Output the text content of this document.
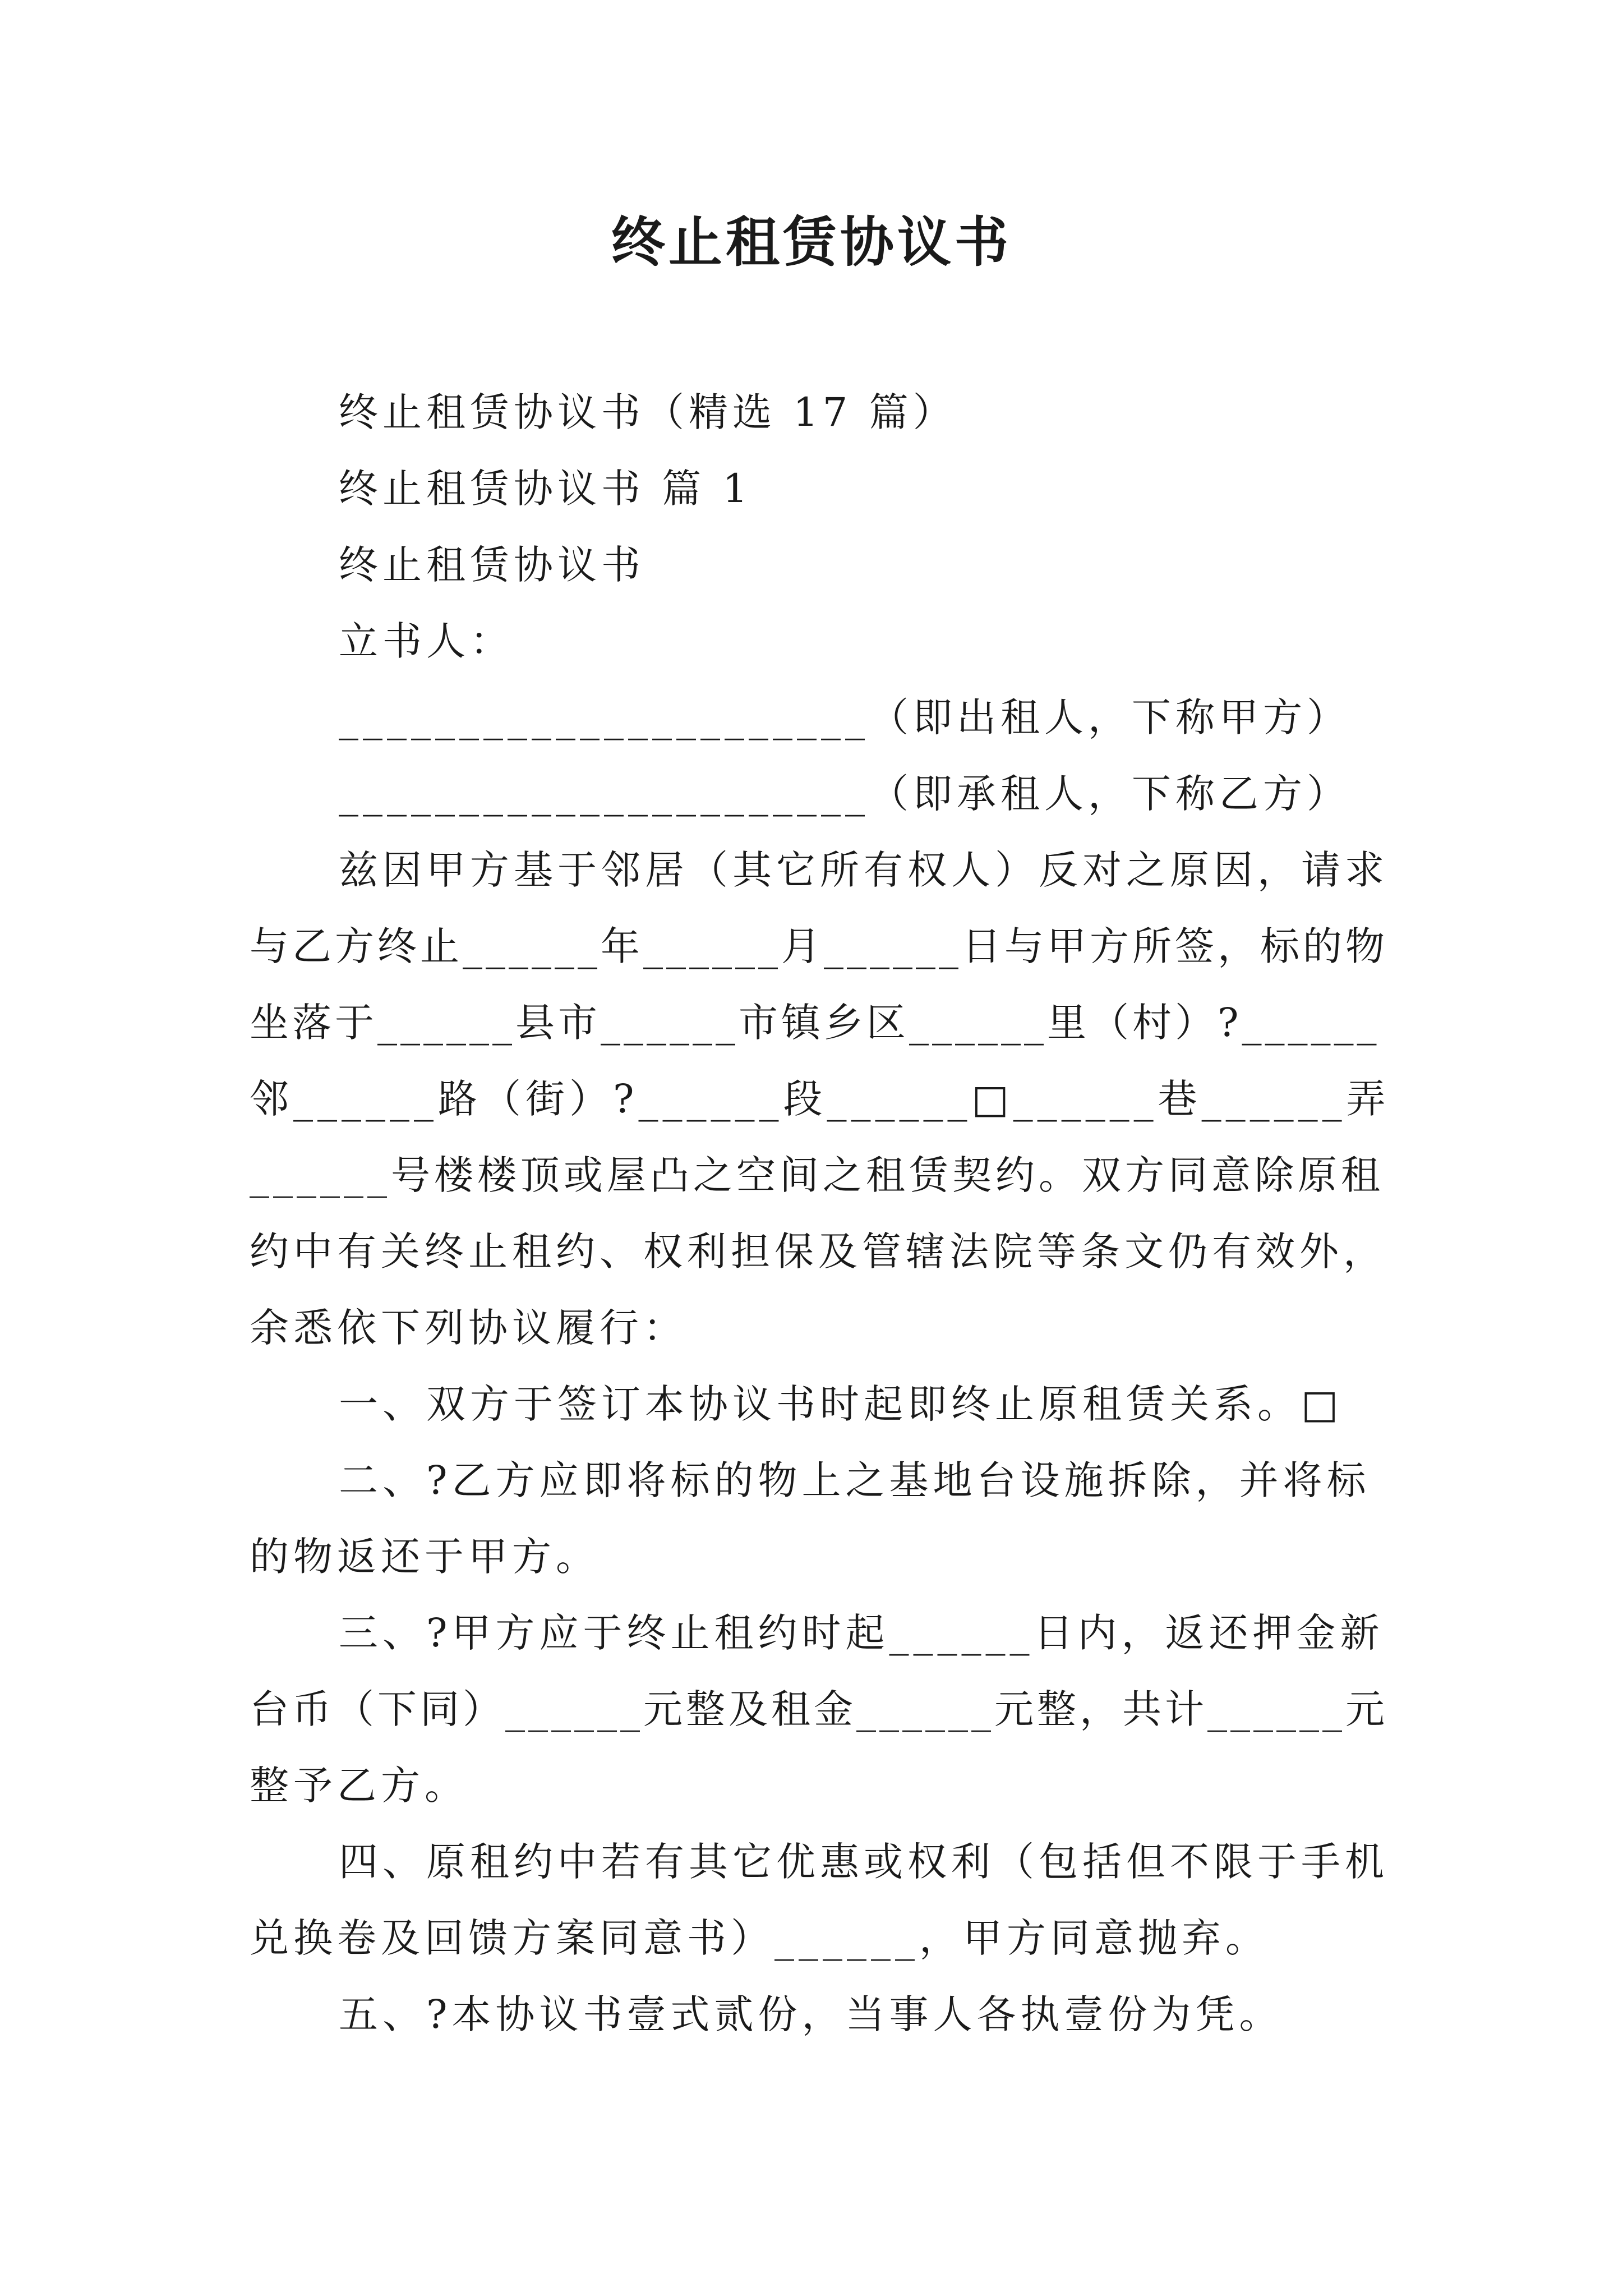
终止租赁协议书
终止租赁协议书（精选 17 篇）
终止租赁协议书 篇 1
终止租赁协议书
立书人：
______________________（即出租人，下称甲方）
______________________（即承租人，下称乙方）
兹因甲方基于邻居（其它所有权人）反对之原因，请求
与乙方终止______年______月______日与甲方所签，标的物
坐落于______县市______市镇乡区______里（村）?______
邻______路（街）?______段______□______巷______弄
______号楼楼顶或屋凸之空间之租赁契约。双方同意除原租
约中有关终止租约、权利担保及管辖法院等条文仍有效外，
余悉依下列协议履行：
一、双方于签订本协议书时起即终止原租赁关系。□
二、?乙方应即将标的物上之基地台设施拆除，并将标
的物返还于甲方。
三、?甲方应于终止租约时起______日内，返还押金新
台币（下同）______元整及租金______元整，共计______元
整予乙方。
四、原租约中若有其它优惠或权利（包括但不限于手机
兑换卷及回馈方案同意书）______，甲方同意抛弃。
五、?本协议书壹式贰份，当事人各执壹份为凭。
